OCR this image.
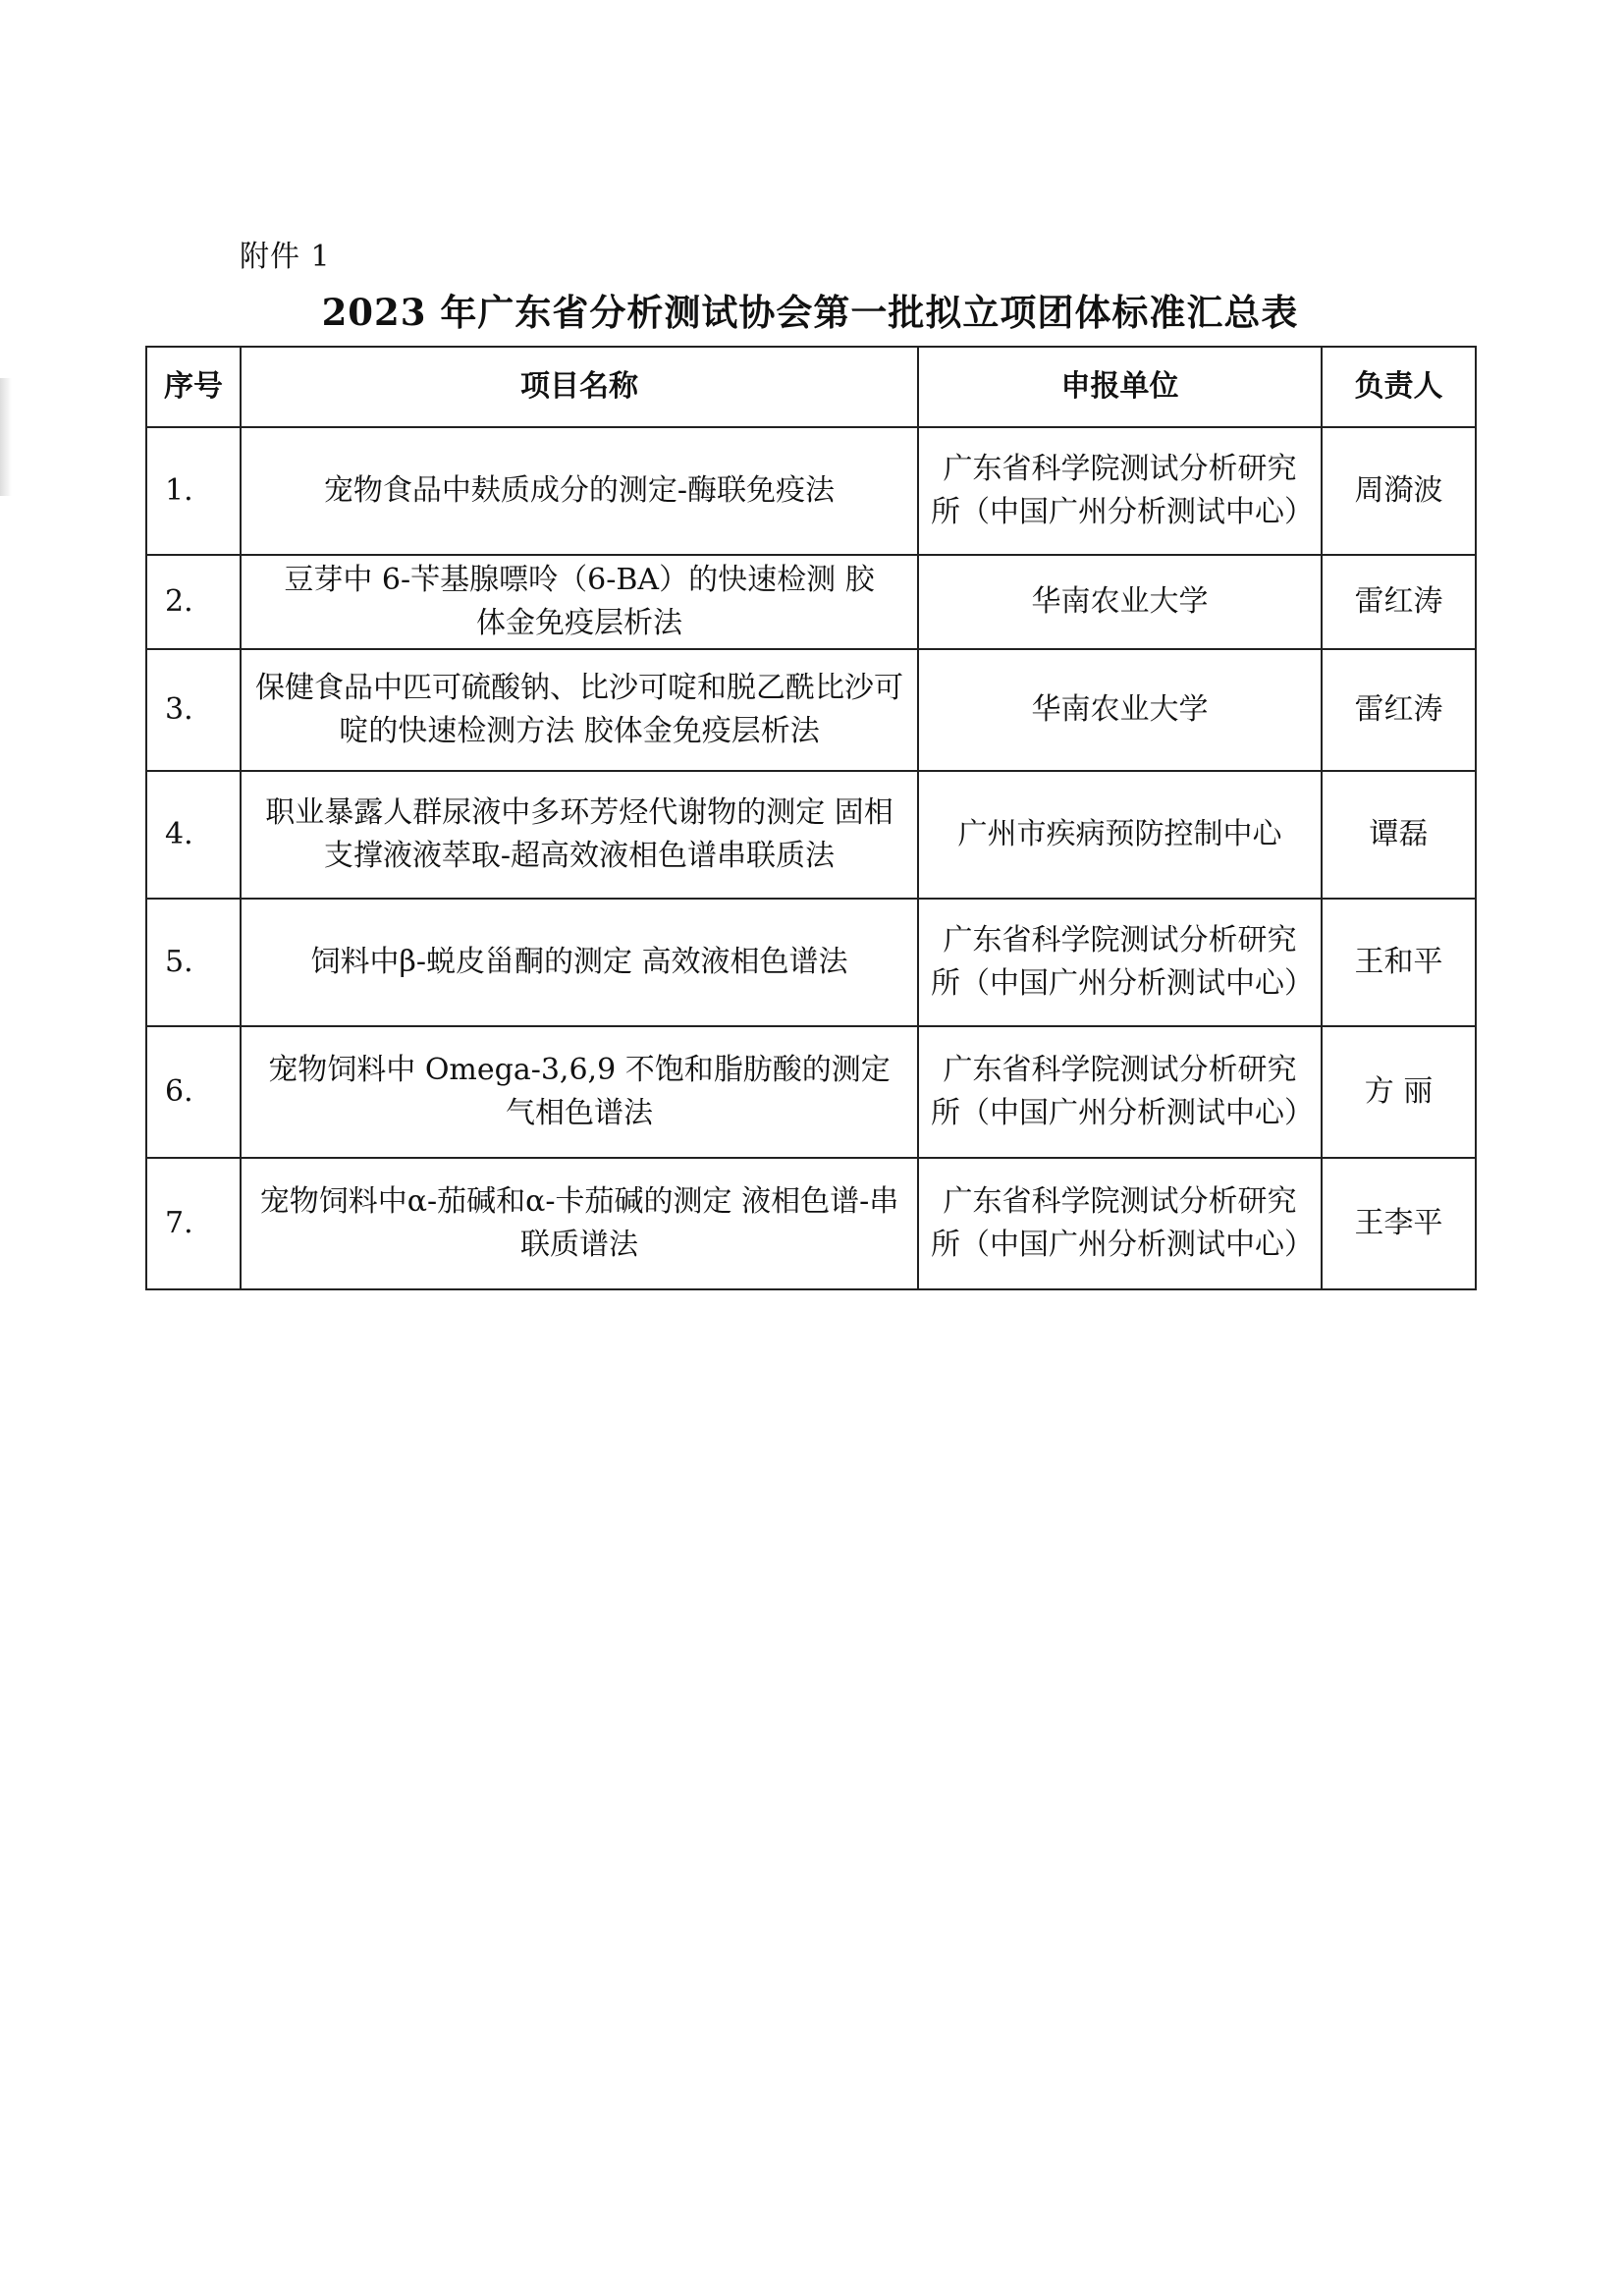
附件 1
2023 年广东省分析测试协会第一批拟立项团体标准汇总表
序号	项目名称	申报单位	负责人
1.	宠物食品中麸质成分的测定-酶联免疫法	广东省科学院测试分析研究所（中国广州分析测试中心）	周漪波
2.	豆芽中 6-苄基腺嘌呤（6-BA）的快速检测 胶体金免疫层析法	华南农业大学	雷红涛
3.	保健食品中匹可硫酸钠、比沙可啶和脱乙酰比沙可啶的快速检测方法 胶体金免疫层析法	华南农业大学	雷红涛
4.	职业暴露人群尿液中多环芳烃代谢物的测定 固相支撑液液萃取-超高效液相色谱串联质法	广州市疾病预防控制中心	谭磊
5.	饲料中β-蜕皮甾酮的测定 高效液相色谱法	广东省科学院测试分析研究所（中国广州分析测试中心）	王和平
6.	宠物饲料中 Omega-3,6,9 不饱和脂肪酸的测定 气相色谱法	广东省科学院测试分析研究所（中国广州分析测试中心）	方 丽
7.	宠物饲料中α-茄碱和α-卡茄碱的测定 液相色谱-串联质谱法	广东省科学院测试分析研究所（中国广州分析测试中心）	王李平
